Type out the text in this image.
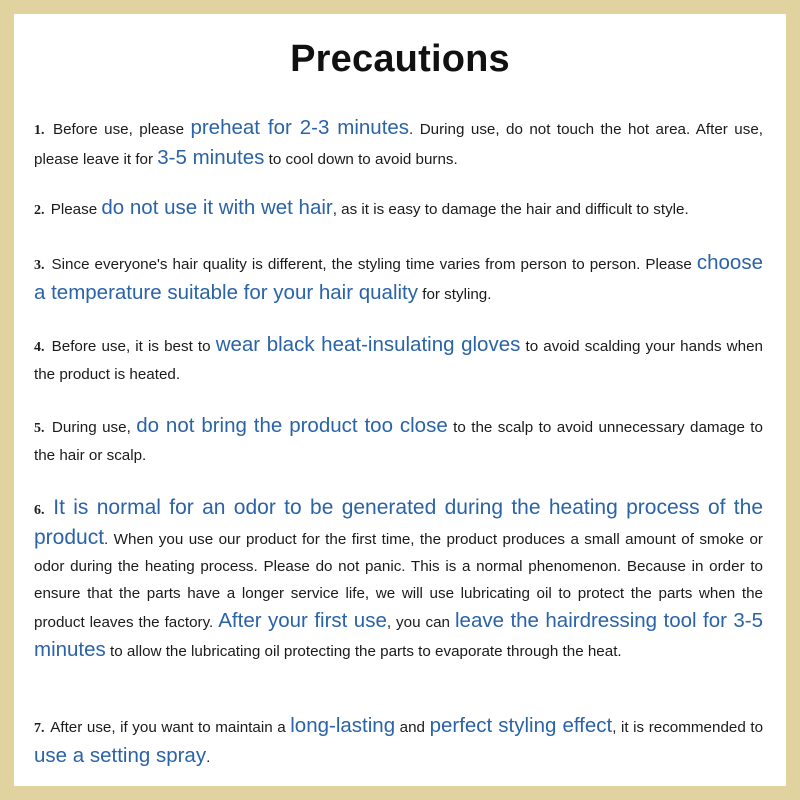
Precautions

1. Before use, please preheat for 2-3 minutes. During use, do not touch the hot area. After use, please leave it for 3-5 minutes to cool down to avoid burns.

2. Please do not use it with wet hair, as it is easy to damage the hair and difficult to style.

3. Since everyone's hair quality is different, the styling time varies from person to person. Please choose a temperature suitable for your hair quality for styling.

4. Before use, it is best to wear black heat-insulating gloves to avoid scalding your hands when the product is heated.

5. During use, do not bring the product too close to the scalp to avoid unnecessary damage to the hair or scalp.

6. It is normal for an odor to be generated during the heating process of the product. When you use our product for the first time, the product produces a small amount of smoke or odor during the heating process. Please do not panic. This is a normal phenomenon. Because in order to ensure that the parts have a longer service life, we will use lubricating oil to protect the parts when the product leaves the factory. After your first use, you can leave the hairdressing tool for 3-5 minutes to allow the lubricating oil protecting the parts to evaporate through the heat.

7. After use, if you want to maintain a long-lasting and perfect styling effect, it is recommended to use a setting spray.
